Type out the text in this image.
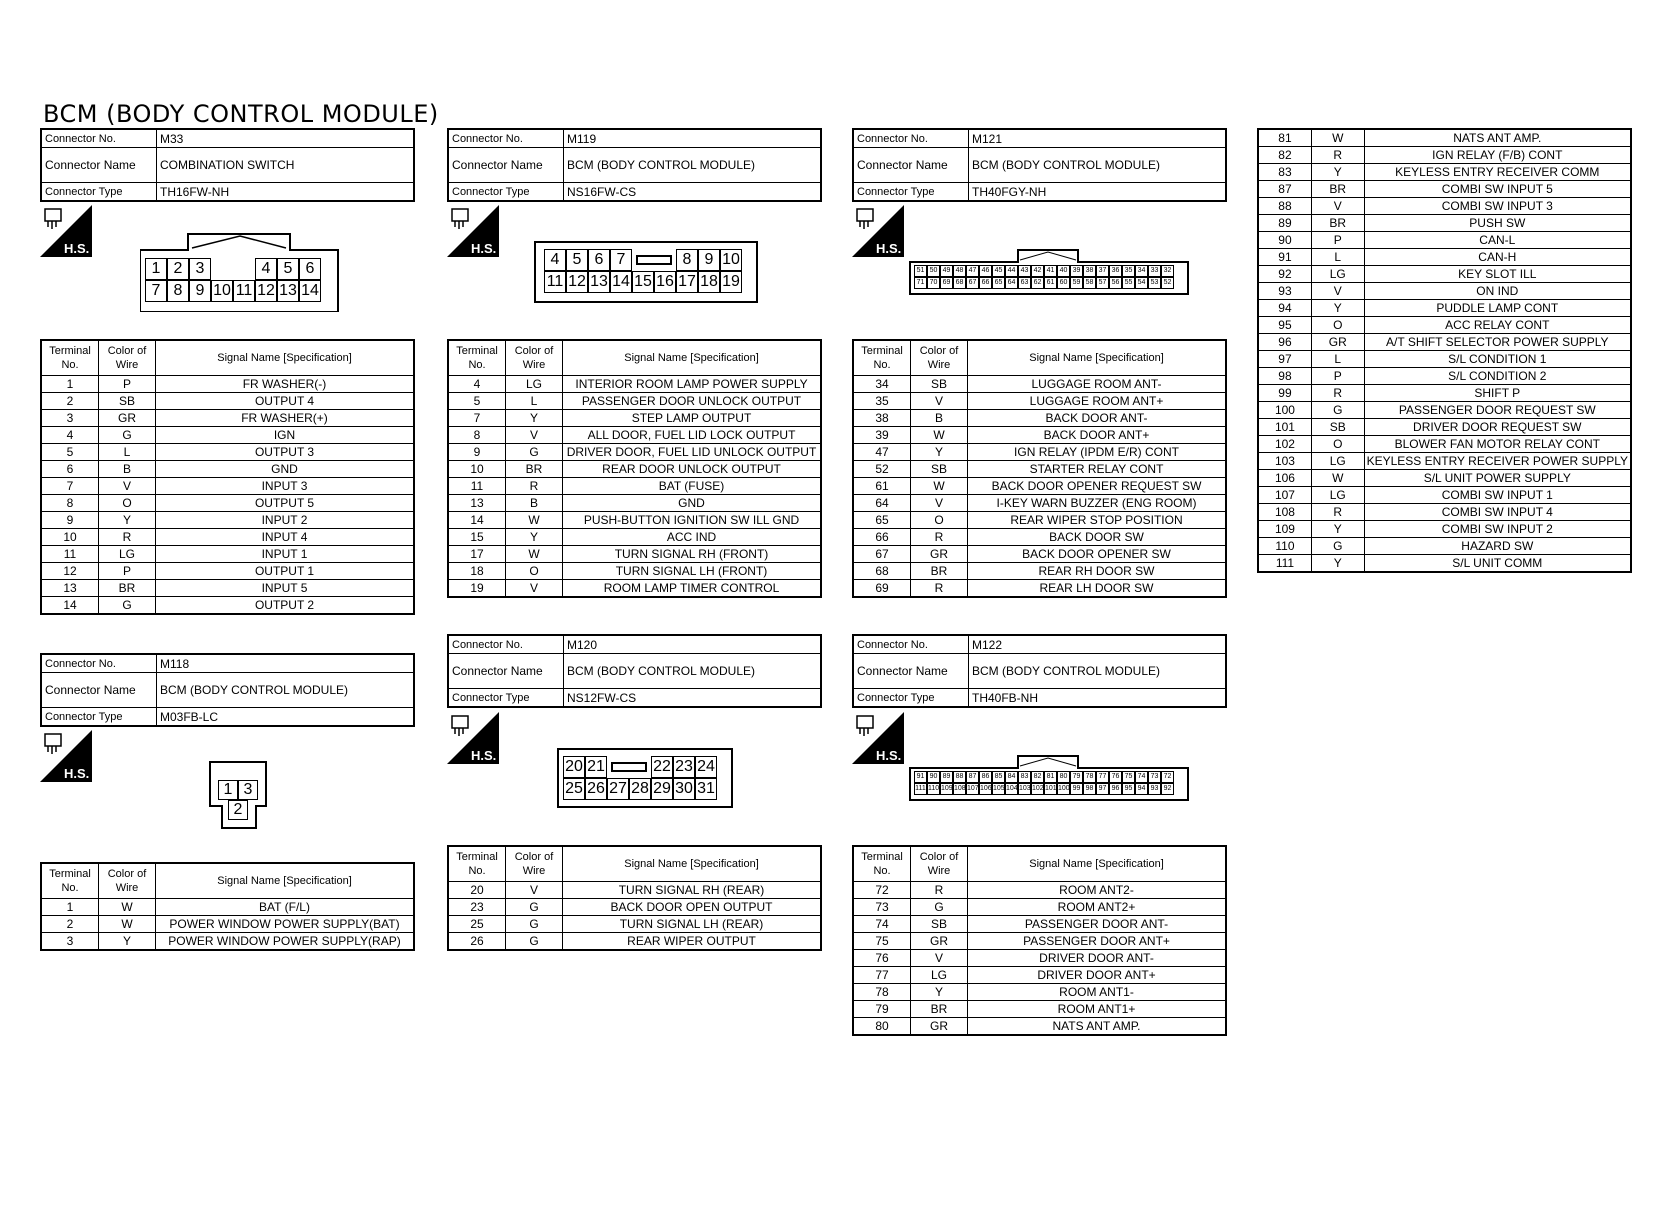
BCM (BODY CONTROL MODULE)
Connector No.	M33
Connector Name	COMBINATION SWITCH
Connector Type	TH16FW-NH
H.S.
1 2 3	4 5 6
7 8 9 10 11 12 13 14
Terminal No.	Color of Wire	Signal Name [Specification]
1	P	FR WASHER(-)
2	SB	OUTPUT 4
3	GR	FR WASHER(+)
4	G	IGN
5	L	OUTPUT 3
6	B	GND
7	V	INPUT 3
8	O	OUTPUT 5
9	Y	INPUT 2
10	R	INPUT 4
11	LG	INPUT 1
12	P	OUTPUT 1
13	BR	INPUT 5
14	G	OUTPUT 2
Connector No.	M119
Connector Name	BCM (BODY CONTROL MODULE)
Connector Type	NS16FW-CS
H.S.
4 5 6 7	8 9 10
11 12 13 14 15 16 17 18 19
Terminal No.	Color of Wire	Signal Name [Specification]
4	LG	INTERIOR ROOM LAMP POWER SUPPLY
5	L	PASSENGER DOOR UNLOCK OUTPUT
7	Y	STEP LAMP OUTPUT
8	V	ALL DOOR, FUEL LID LOCK OUTPUT
9	G	DRIVER DOOR, FUEL LID UNLOCK OUTPUT
10	BR	REAR DOOR UNLOCK OUTPUT
11	R	BAT (FUSE)
13	B	GND
14	W	PUSH-BUTTON IGNITION SW ILL GND
15	Y	ACC IND
17	W	TURN SIGNAL RH (FRONT)
18	O	TURN SIGNAL LH (FRONT)
19	V	ROOM LAMP TIMER CONTROL
Connector No.	M121
Connector Name	BCM (BODY CONTROL MODULE)
Connector Type	TH40FGY-NH
H.S.
51 50 49 48 47 46 45 44 43 42 41 40 39 38 37 36 35 34 33 32
71 70 69 68 67 66 65 64 63 62 61 60 59 58 57 56 55 54 53 52
Terminal No.	Color of Wire	Signal Name [Specification]
34	SB	LUGGAGE ROOM ANT-
35	V	LUGGAGE ROOM ANT+
38	B	BACK DOOR ANT-
39	W	BACK DOOR ANT+
47	Y	IGN RELAY (IPDM E/R) CONT
52	SB	STARTER RELAY CONT
61	W	BACK DOOR OPENER REQUEST SW
64	V	I-KEY WARN BUZZER (ENG ROOM)
65	O	REAR WIPER STOP POSITION
66	R	BACK DOOR SW
67	GR	BACK DOOR OPENER SW
68	BR	REAR RH DOOR SW
69	R	REAR LH DOOR SW
81	W	NATS ANT AMP.
82	R	IGN RELAY (F/B) CONT
83	Y	KEYLESS ENTRY RECEIVER COMM
87	BR	COMBI SW INPUT 5
88	V	COMBI SW INPUT 3
89	BR	PUSH SW
90	P	CAN-L
91	L	CAN-H
92	LG	KEY SLOT ILL
93	V	ON IND
94	Y	PUDDLE LAMP CONT
95	O	ACC RELAY CONT
96	GR	A/T SHIFT SELECTOR POWER SUPPLY
97	L	S/L CONDITION 1
98	P	S/L CONDITION 2
99	R	SHIFT P
100	G	PASSENGER DOOR REQUEST SW
101	SB	DRIVER DOOR REQUEST SW
102	O	BLOWER FAN MOTOR RELAY CONT
103	LG	KEYLESS ENTRY RECEIVER POWER SUPPLY
106	W	S/L UNIT POWER SUPPLY
107	LG	COMBI SW INPUT 1
108	R	COMBI SW INPUT 4
109	Y	COMBI SW INPUT 2
110	G	HAZARD SW
111	Y	S/L UNIT COMM
Connector No.	M118
Connector Name	BCM (BODY CONTROL MODULE)
Connector Type	M03FB-LC
H.S.
1 3
2
Terminal No.	Color of Wire	Signal Name [Specification]
1	W	BAT (F/L)
2	W	POWER WINDOW POWER SUPPLY(BAT)
3	Y	POWER WINDOW POWER SUPPLY(RAP)
Connector No.	M120
Connector Name	BCM (BODY CONTROL MODULE)
Connector Type	NS12FW-CS
H.S.
20 21	22 23 24
25 26 27 28 29 30 31
Terminal No.	Color of Wire	Signal Name [Specification]
20	V	TURN SIGNAL RH (REAR)
23	G	BACK DOOR OPEN OUTPUT
25	G	TURN SIGNAL LH (REAR)
26	G	REAR WIPER OUTPUT
Connector No.	M122
Connector Name	BCM (BODY CONTROL MODULE)
Connector Type	TH40FB-NH
H.S.
91 90 89 88 87 86 85 84 83 82 81 80 79 78 77 76 75 74 73 72
111 110 109 108 107 106 105 104 103 102 101 100 99 98 97 96 95 94 93 92
Terminal No.	Color of Wire	Signal Name [Specification]
72	R	ROOM ANT2-
73	G	ROOM ANT2+
74	SB	PASSENGER DOOR ANT-
75	GR	PASSENGER DOOR ANT+
76	V	DRIVER DOOR ANT-
77	LG	DRIVER DOOR ANT+
78	Y	ROOM ANT1-
79	BR	ROOM ANT1+
80	GR	NATS ANT AMP.
